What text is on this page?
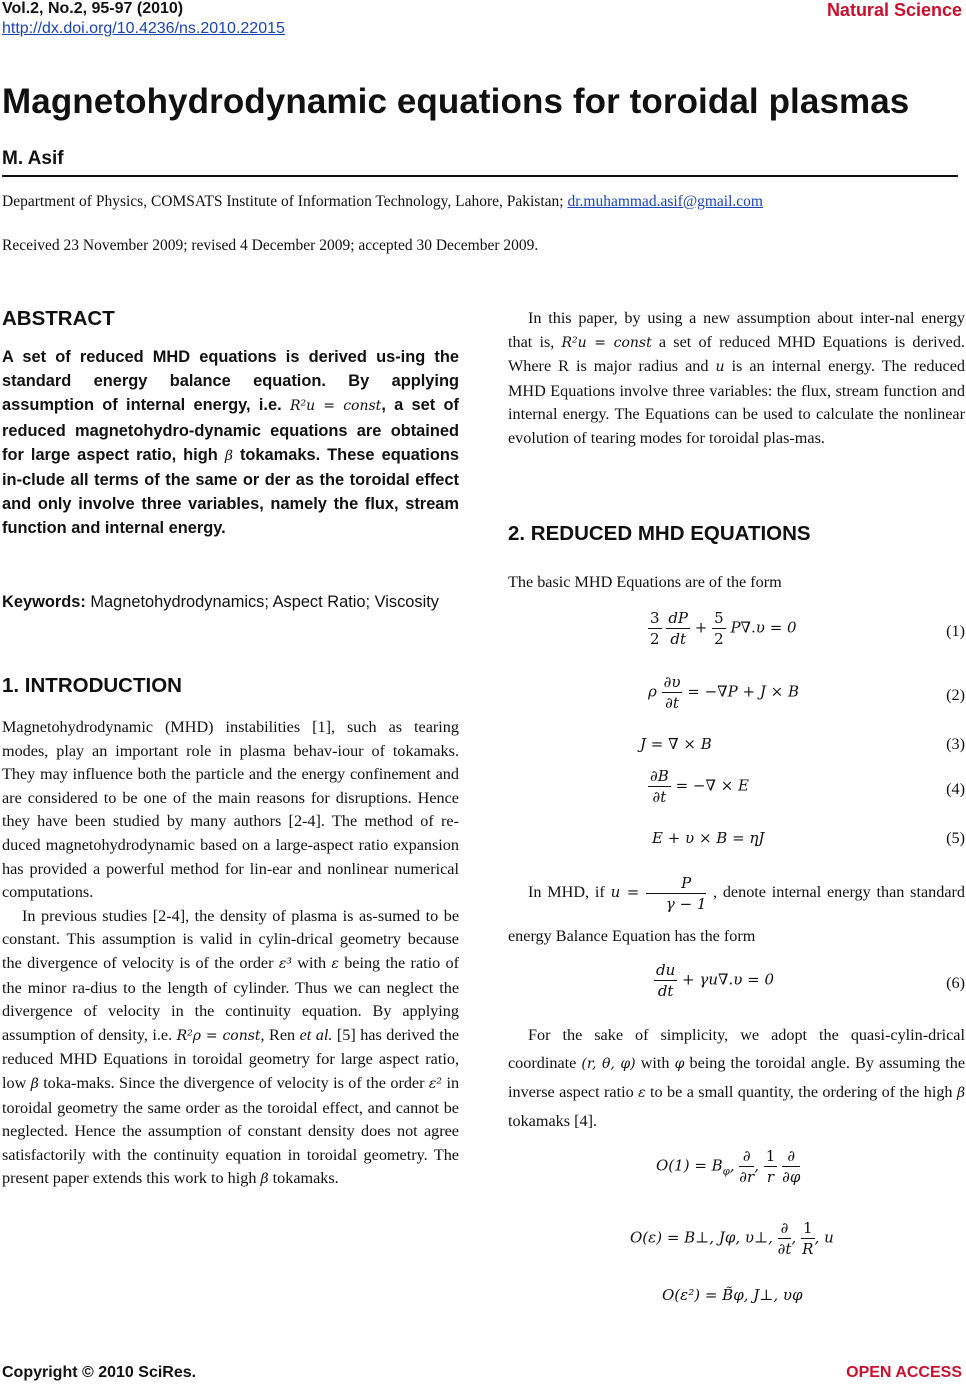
Vol.2, No.2, 95-97 (2010)
http://dx.doi.org/10.4236/ns.2010.22015
Natural Science
Magnetohydrodynamic equations for toroidal plasmas
M. Asif
Department of Physics, COMSATS Institute of Information Technology, Lahore, Pakistan; dr.muhammad.asif@gmail.com
Received 23 November 2009; revised 4 December 2009; accepted 30 December 2009.
ABSTRACT
A set of reduced MHD equations is derived us-ing the standard energy balance equation. By applying assumption of internal energy, i.e. R²u = const, a set of reduced magnetohydro-dynamic equations are obtained for large aspect ratio, high β tokamaks. These equations in-clude all terms of the same or der as the toroidal effect and only involve three variables, namely the flux, stream function and internal energy.
Keywords: Magnetohydrodynamics; Aspect Ratio; Viscosity
1. INTRODUCTION

Magnetohydrodynamic (MHD) instabilities [1], such as tearing modes, play an important role in plasma behav-iour of tokamaks. They may influence both the particle and the energy confinement and are considered to be one of the main reasons for disruptions. Hence they have been studied by many authors [2-4]. The method of re-duced magnetohydrodynamic based on a large-aspect ratio expansion has provided a powerful method for lin-ear and nonlinear numerical computations.

In previous studies [2-4], the density of plasma is as-sumed to be constant. This assumption is valid in cylin-drical geometry because the divergence of velocity is of the order ε³ with ε being the ratio of the minor ra-dius to the length of cylinder. Thus we can neglect the divergence of velocity in the continuity equation. By applying assumption of density, i.e. R²ρ = const, Ren et al. [5] has derived the reduced MHD Equations in toroidal geometry for large aspect ratio, low β toka-maks. Since the divergence of velocity is of the order ε² in toroidal geometry the same order as the toroidal effect, and cannot be neglected. Hence the assumption of constant density does not agree satisfactorily with the continuity equation in toroidal geometry. The present paper extends this work to high β tokamaks.

In this paper, by using a new assumption about inter-nal energy that is, R²u = const a set of reduced MHD Equations is derived. Where R is major radius and u is an internal energy. The reduced MHD Equations involve three variables: the flux, stream function and internal energy. The Equations can be used to calculate the nonlinear evolution of tearing modes for toroidal plas-mas.

2. REDUCED MHD EQUATIONS
The basic MHD Equations are of the form
$\frac{3}{2}$
$\frac{dP}{dt} + \frac{5}{2} P\nabla.\upsilon = 0$	(1)
ρ $\frac{\partial\upsilon}{\partial t} = -\nabla P + J \times B$	(2)
J = ∇ × B	(3)
$\frac{\partial B}{\partial t}$ = −∇ × E	(4)
E + υ × B = ηJ	(5)

In MHD, if $u = \frac{P}{\gamma - 1}$ , denote internal energy than standard energy Balance Equation has the form

$\frac{du}{dt} + \gamma u\nabla.\upsilon = 0$	(6)

For the sake of simplicity, we adopt the quasi-cylin-drical coordinate (r, θ, φ) with φ being the toroidal angle. By assuming the inverse aspect ratio ε to be a small quantity, the ordering of the high β tokamaks [4].

$O(1) = B_\varphi$, $\frac{\partial}{\partial r}$ , $\frac{1}{r}$
$\frac{\partial}{\partial\varphi}$
O(ε) = B⊥, Jφ, υ⊥, $\frac{\partial}{\partial t}$ , $\frac{1}{R}$ , u
O(ε²) = B̃φ, J⊥, υφ
Copyright © 2010 SciRes.	OPEN ACCESS
